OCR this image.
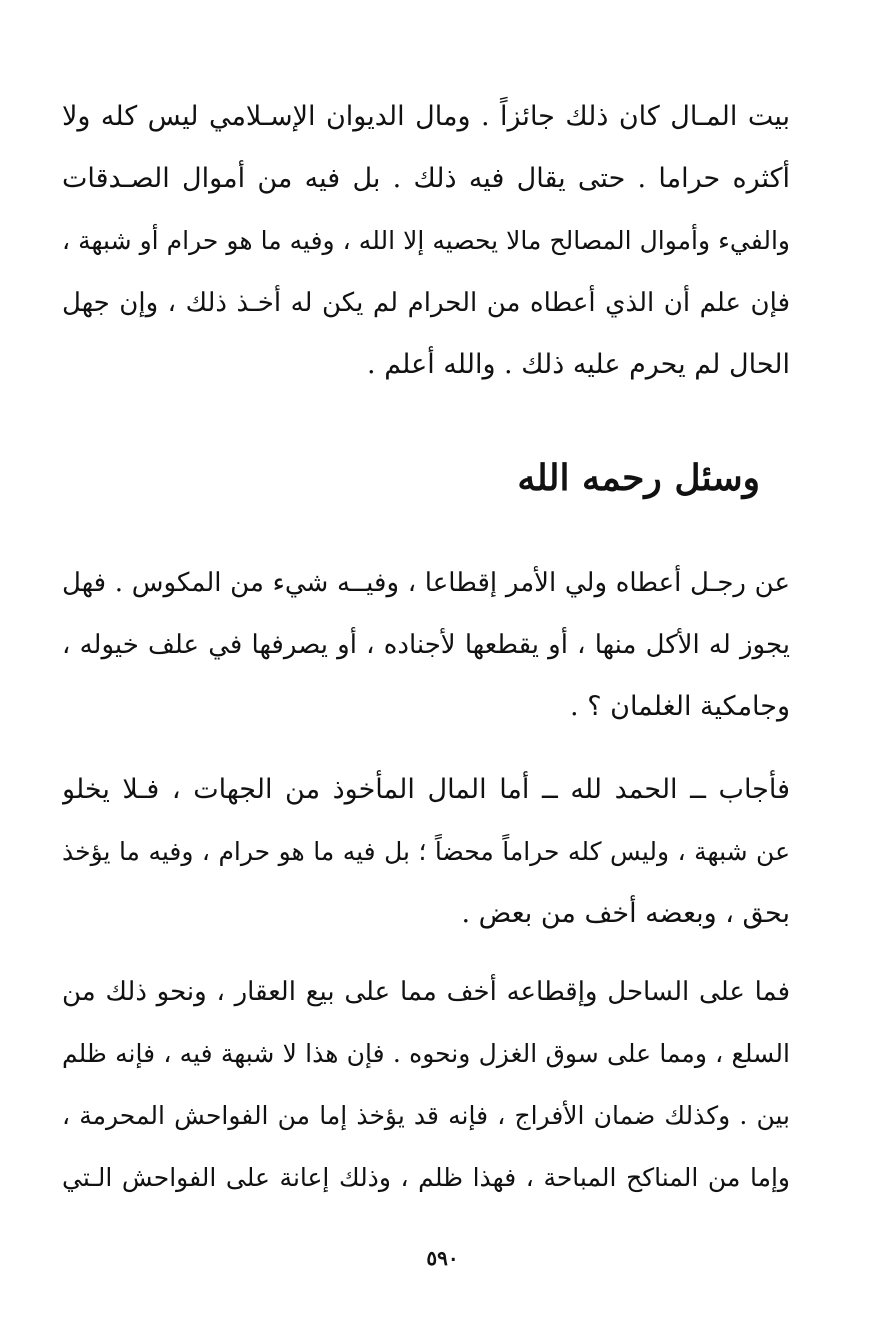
بيت المـال كان ذلك جائزاً . ومال الديوان الإسـلامي ليس كله ولا
أكثره حراما . حتى يقال فيه ذلك . بل فيه من أموال الصـدقات
والفيء وأموال المصالح مالا يحصيه إلا الله ، وفيه ما هو حرام أو شبهة ،
فإن علم أن الذي أعطاه من الحرام لم يكن له أخـذ ذلك ، وإن جهل
الحال لم يحرم عليه ذلك . والله أعلم .
وسئل رحمه الله
عن رجـل أعطاه ولي الأمر إقطاعا ، وفيــه شيء من المكوس . فهل
يجوز له الأكل منها ، أو يقطعها لأجناده ، أو يصرفها في علف خيوله ،
وجامكية الغلمان ؟ .
فأجاب ــ الحمد لله ــ أما المال المأخوذ من الجهات ، فـلا يخلو
عن شبهة ، وليس كله حراماً محضاً ؛ بل فيه ما هو حرام ، وفيه ما يؤخذ
بحق ، وبعضه أخف من بعض .
فما على الساحل وإقطاعه أخف مما على بيع العقار ، ونحو ذلك من
السلع ، ومما على سوق الغزل ونحوه . فإن هذا لا شبهة فيه ، فإنه ظلم
بين . وكذلك ضمان الأفراج ، فإنه قد يؤخذ إما من الفواحش المحرمة ،
وإما من المناكح المباحة ، فهذا ظلم ، وذلك إعانة على الفواحش الـتي
٥٩٠
